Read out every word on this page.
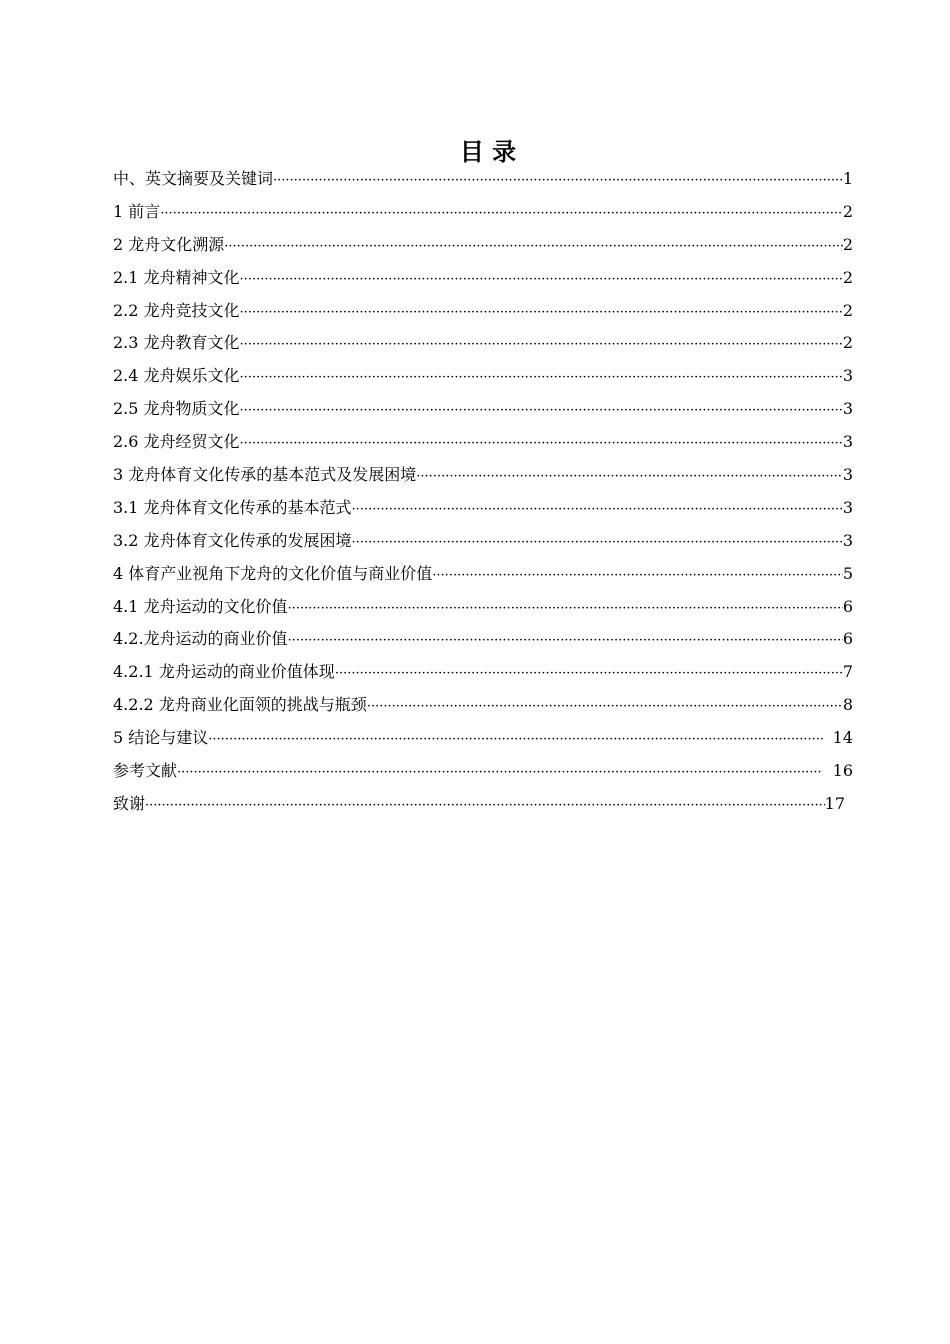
目 录
中、英文摘要及关键词 ·····	1
1 前言 ·····	2
2 龙舟文化溯源 ·····	2
2.1 龙舟精神文化 ·····	2
2.2 龙舟竞技文化 ·····	2
2.3 龙舟教育文化 ·····	2
2.4 龙舟娱乐文化 ·····	3
2.5 龙舟物质文化 ·····	3
2.6 龙舟经贸文化 ·····	3
3 龙舟体育文化传承的基本范式及发展困境 ·····	3
3.1 龙舟体育文化传承的基本范式 ·····	3
3.2 龙舟体育文化传承的发展困境 ·····	3
4 体育产业视角下龙舟的文化价值与商业价值 ·····	5
4.1 龙舟运动的文化价值 ·····	6
4.2.龙舟运动的商业价值 ·····	6
4.2.1 龙舟运动的商业价值体现 ·····	7
4.2.2 龙舟商业化面领的挑战与瓶颈 ·····	8
5 结论与建议 ·····	14
参考文献 ·····	16
致谢 ·····	17
